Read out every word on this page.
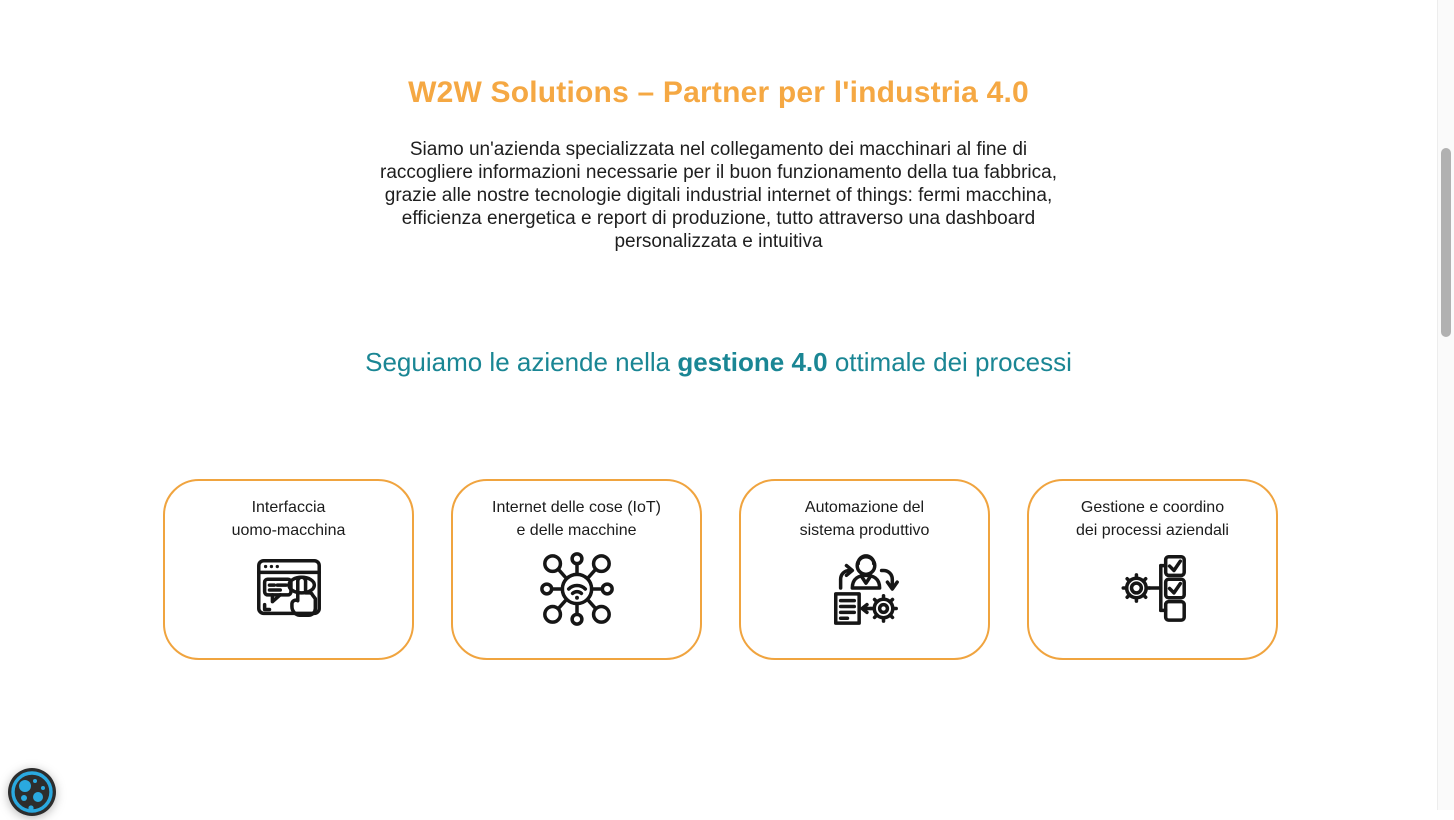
W2W Solutions – Partner per l'industria 4.0

Siamo un'azienda specializzata nel collegamento dei macchinari al fine di raccogliere informazioni necessarie per il buon funzionamento della tua fabbrica, grazie alle nostre tecnologie digitali industrial internet of things: fermi macchina, efficienza energetica e report di produzione, tutto attraverso una dashboard personalizzata e intuitiva

Seguiamo le aziende nella gestione 4.0 ottimale dei processi
Interfaccia
uomo-macchina
Internet delle cose (IoT)
e delle macchine
Automazione del
sistema produttivo
Gestione e coordino
dei processi aziendali
